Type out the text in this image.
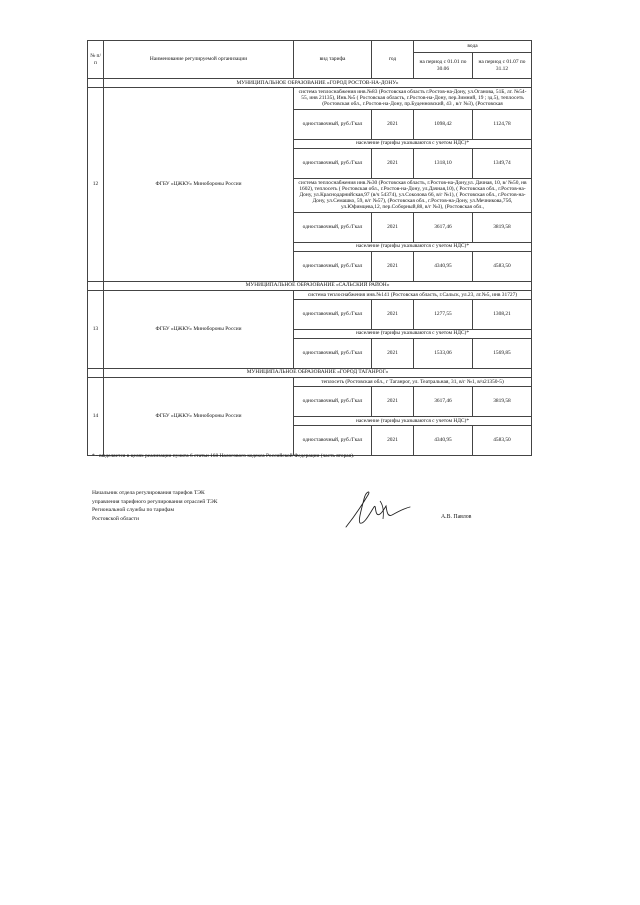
№ п/п	Наименование регулируемой организации	вид тарифа	год	вода	
				на период с 01.01 по 30.06	на период с 01.07 по 31.12
	МУНИЦИПАЛЬНОЕ ОБРАЗОВАНИЕ «ГОРОД РОСТОВ-НА-ДОНУ»				
12	ФГБУ «ЦЖКУ» Минобороны России	система теплоснабжения инв.№83 (Ростовская область г.Ростов-на-Дону, ул.Оганова, 51Б, лг. №54-55, инв 21135), Инв.№5 ( Ростовская область, г.Ростов-на-Дону, пер.Зимний, 19 ; зд.5), теплосеть (Ростовская обл., г.Ростов-на-Дону, пр.Буденновский, 43 , в/г №3), (Ростовская			
		одноставочный, руб./Гкал	2021	1098,42	1124,78
		население (тарифы указываются с учетом НДС)*			
		одноставочный, руб./Гкал	2021	1318,10	1349,74
		система теплоснабжения инв.№30 (Ростовская область, г.Ростов-на-Дону,ул. Дачная, 10, в/ №50, нв 1602), теплосеть ( Ростовская обл., г.Ростов-на-Дону, ул.Дачная,10), ( Ростовская обл., г.Ростов-на-Дону, ул.Краснодарнийская,97 (в/ч 54374), ул.Соколова 66, в/г №1), ( Ростовская обл., г.Ростов-на-Дону, ул.Семашко, 59, в/г №57), (Ростовская обл., г.Ростов-на-Дону, ул.Мечникова,75б, ул.Юфимцева,12, пер.Соборный,88, в/г №3), (Ростовская обл.,			
		одноставочный, руб./Гкал	2021	3617,46	3819,58
		население (тарифы указываются с учетом НДС)*			
		одноставочный, руб./Гкал	2021	4340,95	4583,50
	МУНИЦИПАЛЬНОЕ ОБРАЗОВАНИЕ «САЛЬСКИЙ РАЙОН»				
13	ФГБУ «ЦЖКУ» Минобороны России	система теплоснабжения инв.№141 (Ростовская область, г.Сальск, ул.23, лг.№5, инв 31727)			
		одноставочный, руб./Гкал	2021	1277,55	1308,21
		население (тарифы указываются с учетом НДС)*			
		одноставочный, руб./Гкал	2021	1533,06	1569,85
	МУНИЦИПАЛЬНОЕ ОБРАЗОВАНИЕ «ГОРОД ТАГАНРОГ»				
14	ФГБУ «ЦЖКУ» Минобороны России	теплосеть (Ростовская обл., г Таганрог, ул. Театральная, 31, в/г №1, в/ч21350-5)			
		одноставочный, руб./Гкал	2021	3617,46	3819,58
		население (тарифы указываются с учетом НДС)*			
		одноставочный, руб./Гкал	2021	4340,95	4583,50
* - выделяется в целях реализации пункта 6 статьи 168 Налогового кодекса Российской Федерации (часть вторая).
Начальник отдела регулирования тарифов ТЭК
управления тарифного регулирования отраслей ТЭК
Региональной службы по тарифам
Ростовской области	А.В. Павлов
